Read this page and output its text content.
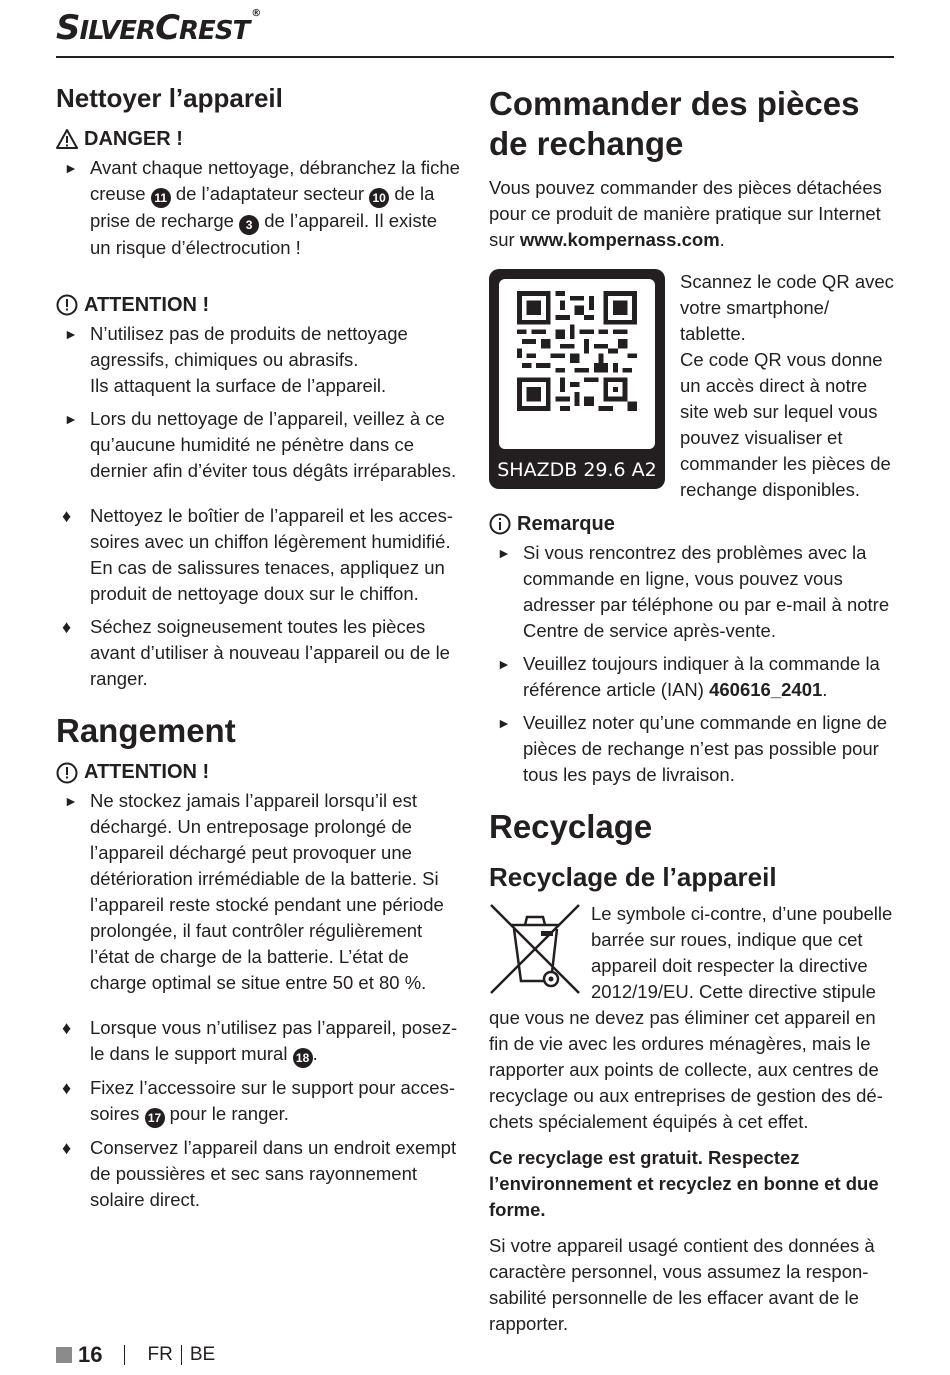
SILVERCREST®
Nettoyer l’appareil
DANGER !
► Avant chaque nettoyage, débranchez la fiche creuse 11 de l’adaptateur secteur 10 de la prise de recharge 3 de l’appareil. Il existe un risque d’électrocution !
ATTENTION !
► N’utilisez pas de produits de nettoyage agressifs, chimiques ou abrasifs.
Ils attaquent la surface de l’appareil.
► Lors du nettoyage de l’appareil, veillez à ce qu’aucune humidité ne pénètre dans ce dernier afin d’éviter tous dégâts irréparables.
♦ Nettoyez le boîtier de l’appareil et les accessoires avec un chiffon légèrement humidifié. En cas de salissures tenaces, appliquez un produit de nettoyage doux sur le chiffon.
♦ Séchez soigneusement toutes les pièces avant d’utiliser à nouveau l’appareil ou de le ranger.
Rangement
ATTENTION !
► Ne stockez jamais l’appareil lorsqu’il est déchargé. Un entreposage prolongé de l’appareil déchargé peut provoquer une détérioration irrémédiable de la batterie. Si l’appareil reste stocké pendant une période prolongée, il faut contrôler régulièrement l’état de charge de la batterie. L’état de charge optimal se situe entre 50 et 80 %.
♦ Lorsque vous n’utilisez pas l’appareil, posez-le dans le support mural 18 .
♦ Fixez l’accessoire sur le support pour accessoires 17 pour le ranger.
♦ Conservez l’appareil dans un endroit exempt de poussières et sec sans rayonnement solaire direct.
Commander des pièces de rechange

Vous pouvez commander des pièces détachées pour ce produit de manière pratique sur Internet sur www.kompernass.com.

SHAZDB 29.6 A2

Scannez le code QR avec votre smartphone/ tablette.

Ce code QR vous donne un accès direct à notre site web sur lequel vous pouvez visualiser et commander les pièces de rechange disponibles.

Remarque
► Si vous rencontrez des problèmes avec la commande en ligne, vous pouvez vous adresser par téléphone ou par e-mail à notre Centre de service après-vente.
► Veuillez toujours indiquer à la commande la référence article (IAN) 460616_2401.
► Veuillez noter qu’une commande en ligne de pièces de rechange n’est pas possible pour tous les pays de livraison.
Recyclage
Recyclage de l’appareil

Le symbole ci-contre, d’une poubelle barrée sur roues, indique que cet appareil doit respecter la directive 2012/19/EU. Cette directive stipule que vous ne devez pas éliminer cet appareil en fin de vie avec les ordures ménagères, mais le rapporter aux points de collecte, aux centres de recyclage ou aux entreprises de gestion des déchets spécialement équipés à cet effet.

Ce recyclage est gratuit. Respectez l’environnement et recyclez en bonne et due forme.

Si votre appareil usagé contient des données à caractère personnel, vous assumez la responsabilité personnelle de les effacer avant de le rapporter.

16 FR BE
